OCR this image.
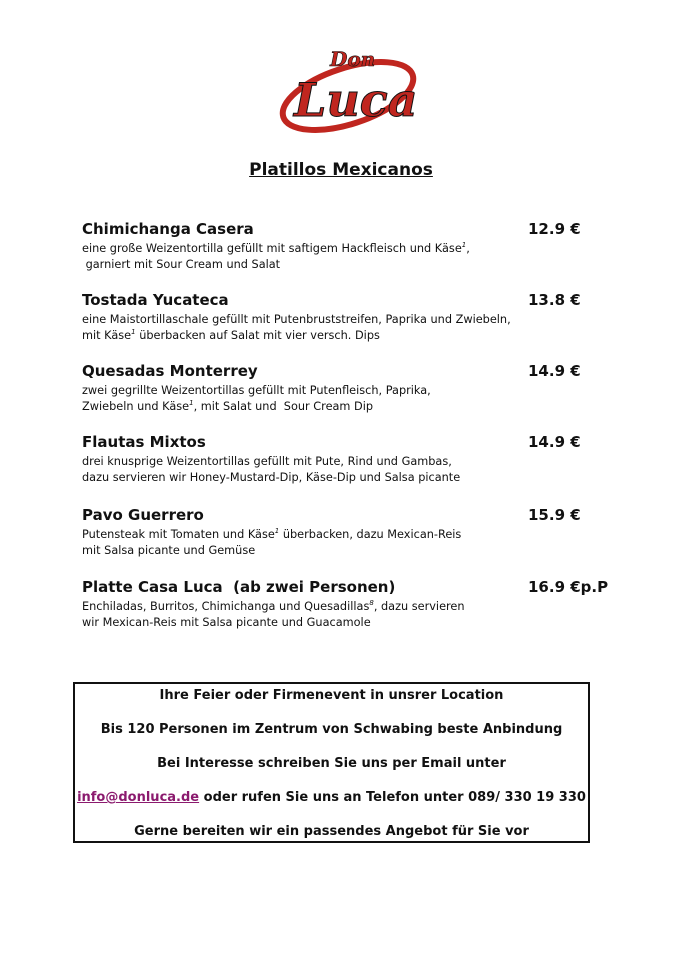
Don
Luca
Platillos Mexicanos
Chimichanga Casera	12.9 €
eine große Weizentortilla gefüllt mit saftigem Hackfleisch und Käse$^1$,
garniert mit Sour Cream und Salat
Tostada Yucateca	13.8 €
eine Maistortillaschale gefüllt mit Putenbruststreifen, Paprika und Zwiebeln,
mit Käse$^1$ überbacken auf Salat mit vier versch. Dips
Quesadas Monterrey	14.9 €
zwei gegrillte Weizentortillas gefüllt mit Putenfleisch, Paprika,
Zwiebeln und Käse$^1$, mit Salat und  Sour Cream Dip
Flautas Mixtos	14.9 €
drei knusprige Weizentortillas gefüllt mit Pute, Rind und Gambas,
dazu servieren wir Honey-Mustard-Dip, Käse-Dip und Salsa picante
Pavo Guerrero	15.9 €
Putensteak mit Tomaten und Käse$^1$ überbacken, dazu Mexican-Reis
mit Salsa picante und Gemüse
Platte Casa Luca  (ab zwei Personen)	16.9 €p.P
Enchiladas, Burritos, Chimichanga und Quesadillas$^8$, dazu servieren
wir Mexican-Reis mit Salsa picante und Guacamole

Ihre Feier oder Firmenevent in unsrer Location

Bis 120 Personen im Zentrum von Schwabing beste Anbindung

Bei Interesse schreiben Sie uns per Email unter

info@donluca.de oder rufen Sie uns an Telefon unter 089/ 330 19 330

Gerne bereiten wir ein passendes Angebot für Sie vor
